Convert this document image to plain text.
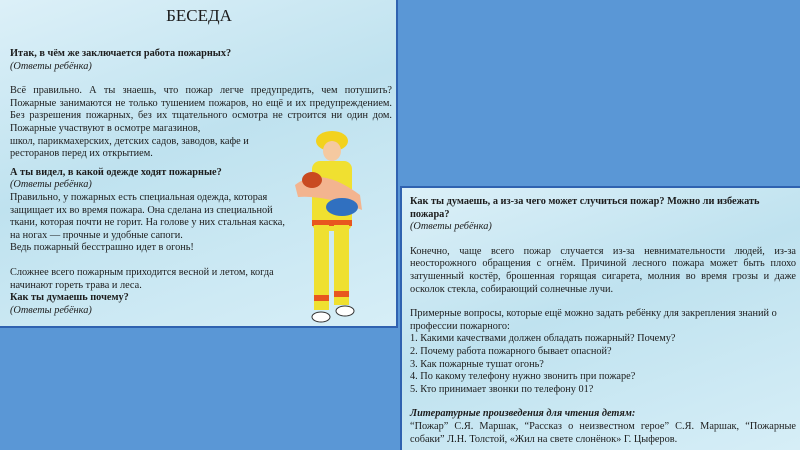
БЕСЕДА

Итак, в чём же заключается работа пожарных?

(Ответы ребёнка)

Всё правильно. А ты знаешь, что пожар легче предупредить, чем потушить? Пожарные занимаются не только тушением пожаров, но ещё и их предупреждением. Без разрешения пожарных, без их тщательного осмотра не строится ни один дом. Пожарные участвуют в осмотре магазинов,

школ, парикмахерских, детских садов, заводов, кафе и

ресторанов перед их открытием.

А ты видел, в какой одежде ходят пожарные?

(Ответы ребёнка)

Правильно, у пожарных есть специальная одежда, которая

защищает их во время пожара. Она сделана из специальной

ткани, которая почти не горит. На голове у них стальная каска,

на ногах — прочные и удобные сапоги.

Ведь пожарный бесстрашно идет в огонь!

Сложнее всего пожарным приходится весной и летом, когда

начинают гореть трава и леса.

Как ты думаешь почему?

(Ответы ребёнка)

Как ты думаешь, а из-за чего может случиться пожар? Можно ли избежать пожара?

(Ответы ребёнка)

Конечно, чаще всего пожар случается из-за невнимательности людей, из-за неосторожного обращения с огнём. Причиной лесного пожара может быть плохо затушенный костёр, брошенная горящая сигарета, молния во время грозы и даже осколок стекла, собирающий солнечные лучи.

Примерные вопросы, которые ещё можно задать ребёнку для закрепления знаний о профессии пожарного:

1. Какими качествами должен обладать пожарный? Почему?

2. Почему работа пожарного бывает опасной?

3. Как пожарные тушат огонь?

4. По какому телефону нужно звонить при пожаре?

5. Кто принимает звонки по телефону 01?

Литературные произведения для чтения детям:

“Пожар” С.Я. Маршак, “Рассказ о неизвестном герое” С.Я. Маршак, “Пожарные собаки” Л.Н. Толстой, «Жил на свете слонёнок» Г. Цыферов.
